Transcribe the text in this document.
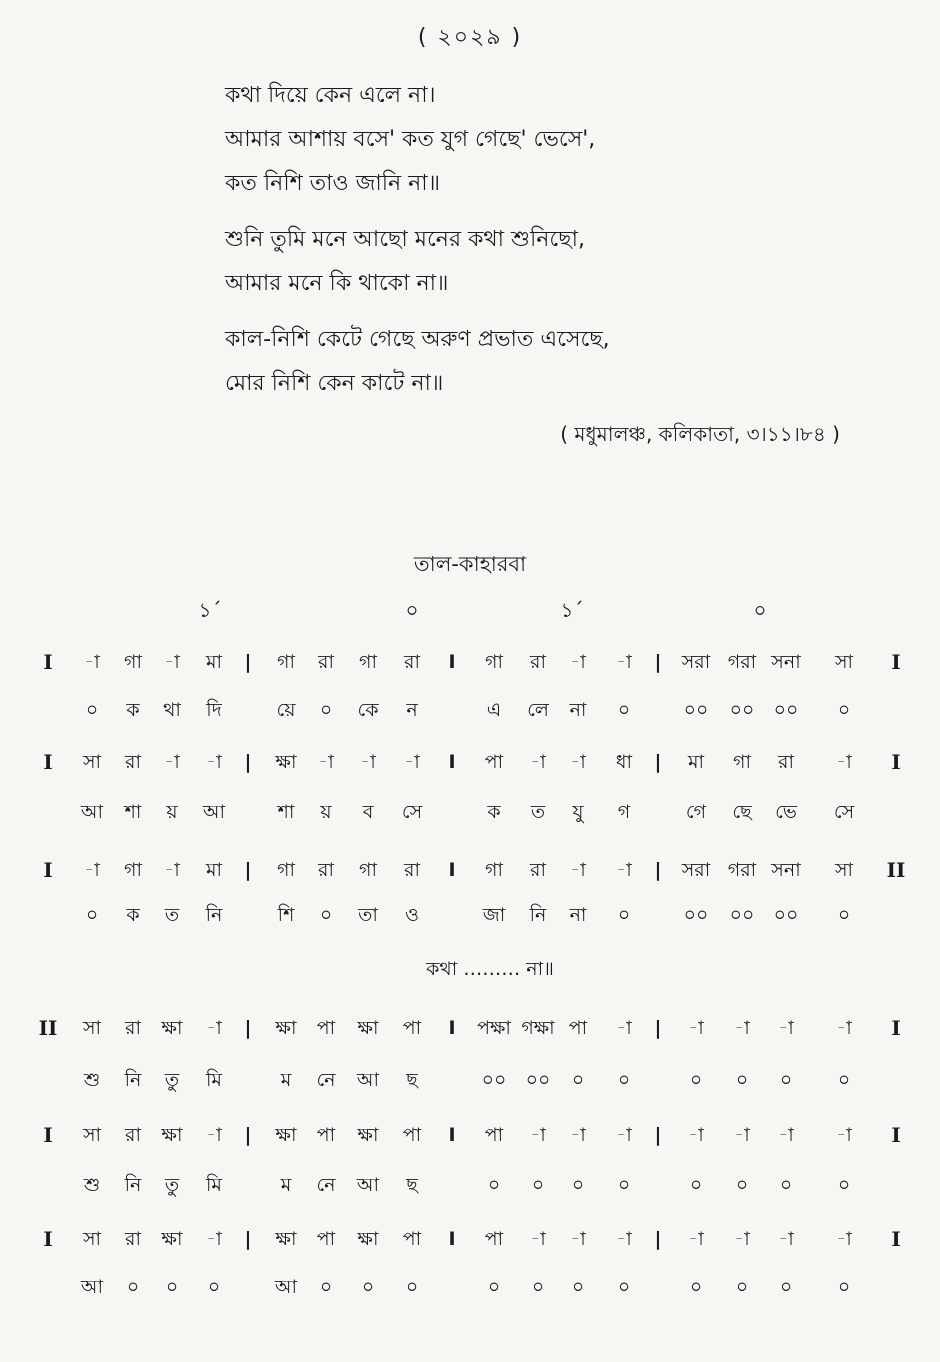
( ২০২৯ )
কথা দিয়ে কেন এলে না।
আমার আশায় বসে' কত যুগ গেছে' ভেসে',
কত নিশি তাও জানি না॥
শুনি তুমি মনে আছো মনের কথা শুনিছো,
আমার মনে কি থাকো না॥
কাল-নিশি কেটে গেছে অরুণ প্রভাত এসেছে,
মোর নিশি কেন কাটে না॥
( মধুমালঞ্চ, কলিকাতা, ৩।১১।৮৪ )
তাল-কাহারবা
১´	০	১´	০
I	I
-া	গা	-া	মা	|	গা	রা	গা	রা	I	গা	রা	-া	-া	|	সরা গরা সনা	সা
০	ক	থা	দি	য়ে	০	কে	ন	এ	লে	না	০	০০	০০	০০	০
I	I
সা	রা	-া	-া	|	ক্ষা	-া	-া	-া	I	পা	-া	-া	ধা	|	মা	গা	রা	-া
আ	শা	য়	আ	শা	য়	ব	সে	ক	ত	যু	গ	গে	ছে	ভে	সে
I	II
-া	গা	-া	মা	|	গা	রা	গা	রা	I	গা	রা	-া	-া	|	সরা গরা সনা	সা
০	ক	ত	নি	শি	০	তা	ও	জা	নি	না	০	০০	০০	০০	০
II	I
সা	রা	ক্ষা	-া	|	ক্ষা	পা	ক্ষা	পা	I	পক্ষা গক্ষা পা	-া	|	-া	-া	-া	-া
শু	নি	তু	মি	ম	নে	আ	ছ	০০	০০	০	০	০	০	০	০
I	I
সা	রা	ক্ষা	-া	|	ক্ষা	পা	ক্ষা	পা	I	পা	-া	-া	-া	|	-া	-া	-া	-া
শু	নি	তু	মি	ম	নে	আ	ছ	০	০	০	০	০	০	০	০
I	I
সা	রা	ক্ষা	-া	|	ক্ষা	পা	ক্ষা	পা	I	পা	-া	-া	-া	|	-া	-া	-া	-া
আ	০	০	০	আ	০	০	০	০	০	০	০	০	০	০	০
কথা ……… না॥
